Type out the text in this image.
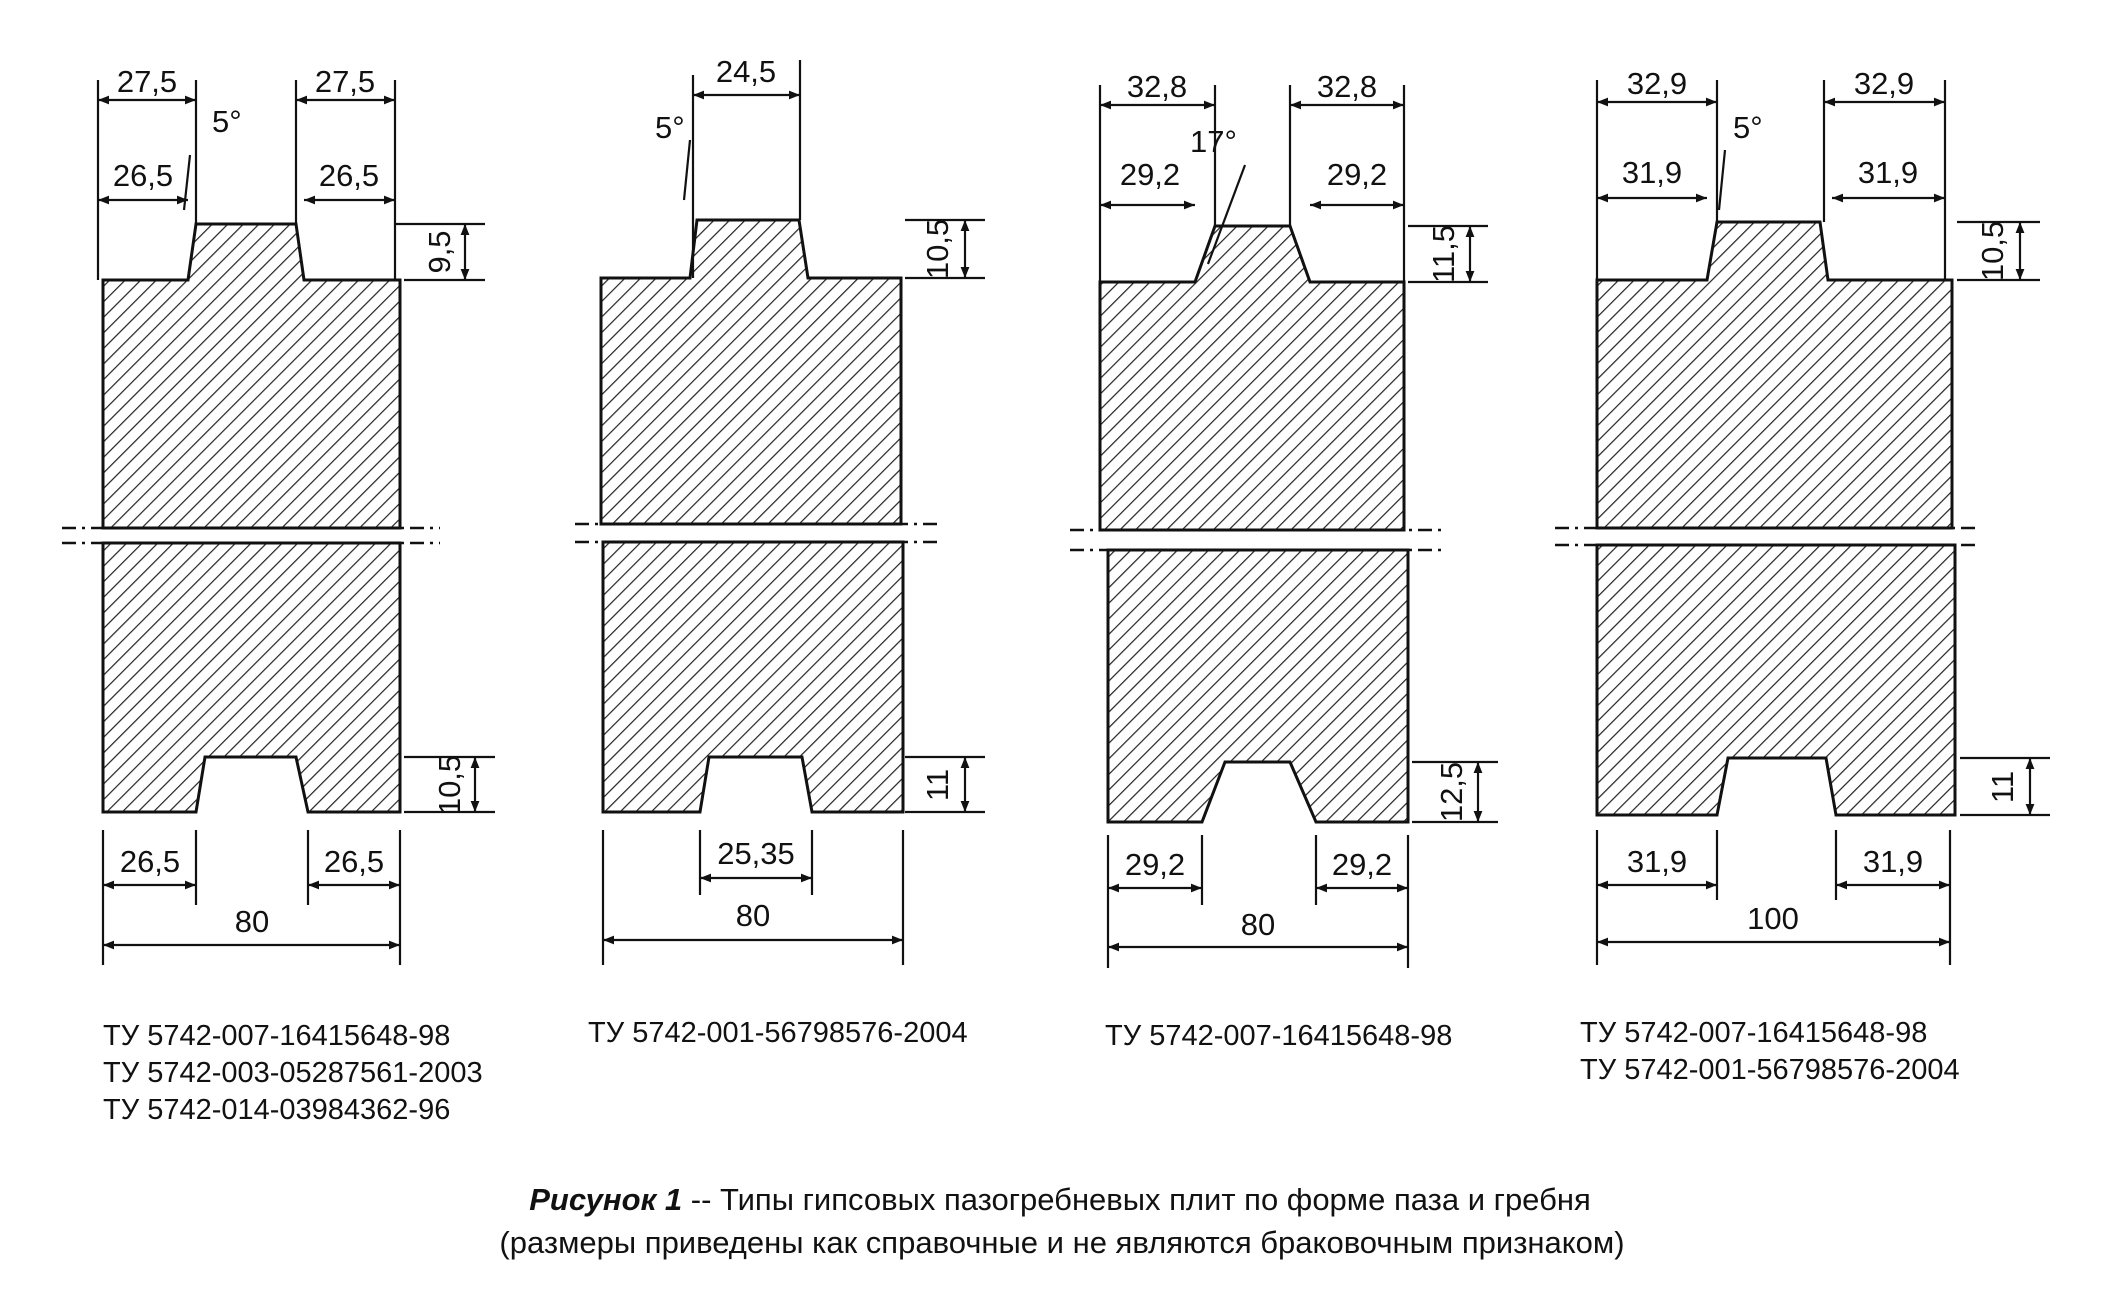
27,5	27,5
26,5	26,5
5°
9,5
10,5
26,5	26,5
80
ТУ 5742-007-16415648-98
ТУ 5742-003-05287561-2003
ТУ 5742-014-03984362-96
24,5
5°
10,5
11
25,35
80
ТУ 5742-001-56798576-2004
32,8	32,8
29,2	29,2
17°
11,5
12,5
29,2	29,2
80
ТУ 5742-007-16415648-98
32,9	32,9
31,9	31,9
5°
10,5
11
31,9	31,9
100
ТУ 5742-007-16415648-98
ТУ 5742-001-56798576-2004
Рисунок 1 -- Типы гипсовых пазогребневых плит по форме паза и гребня
(размеры приведены как справочные и не являются браковочным признаком)
